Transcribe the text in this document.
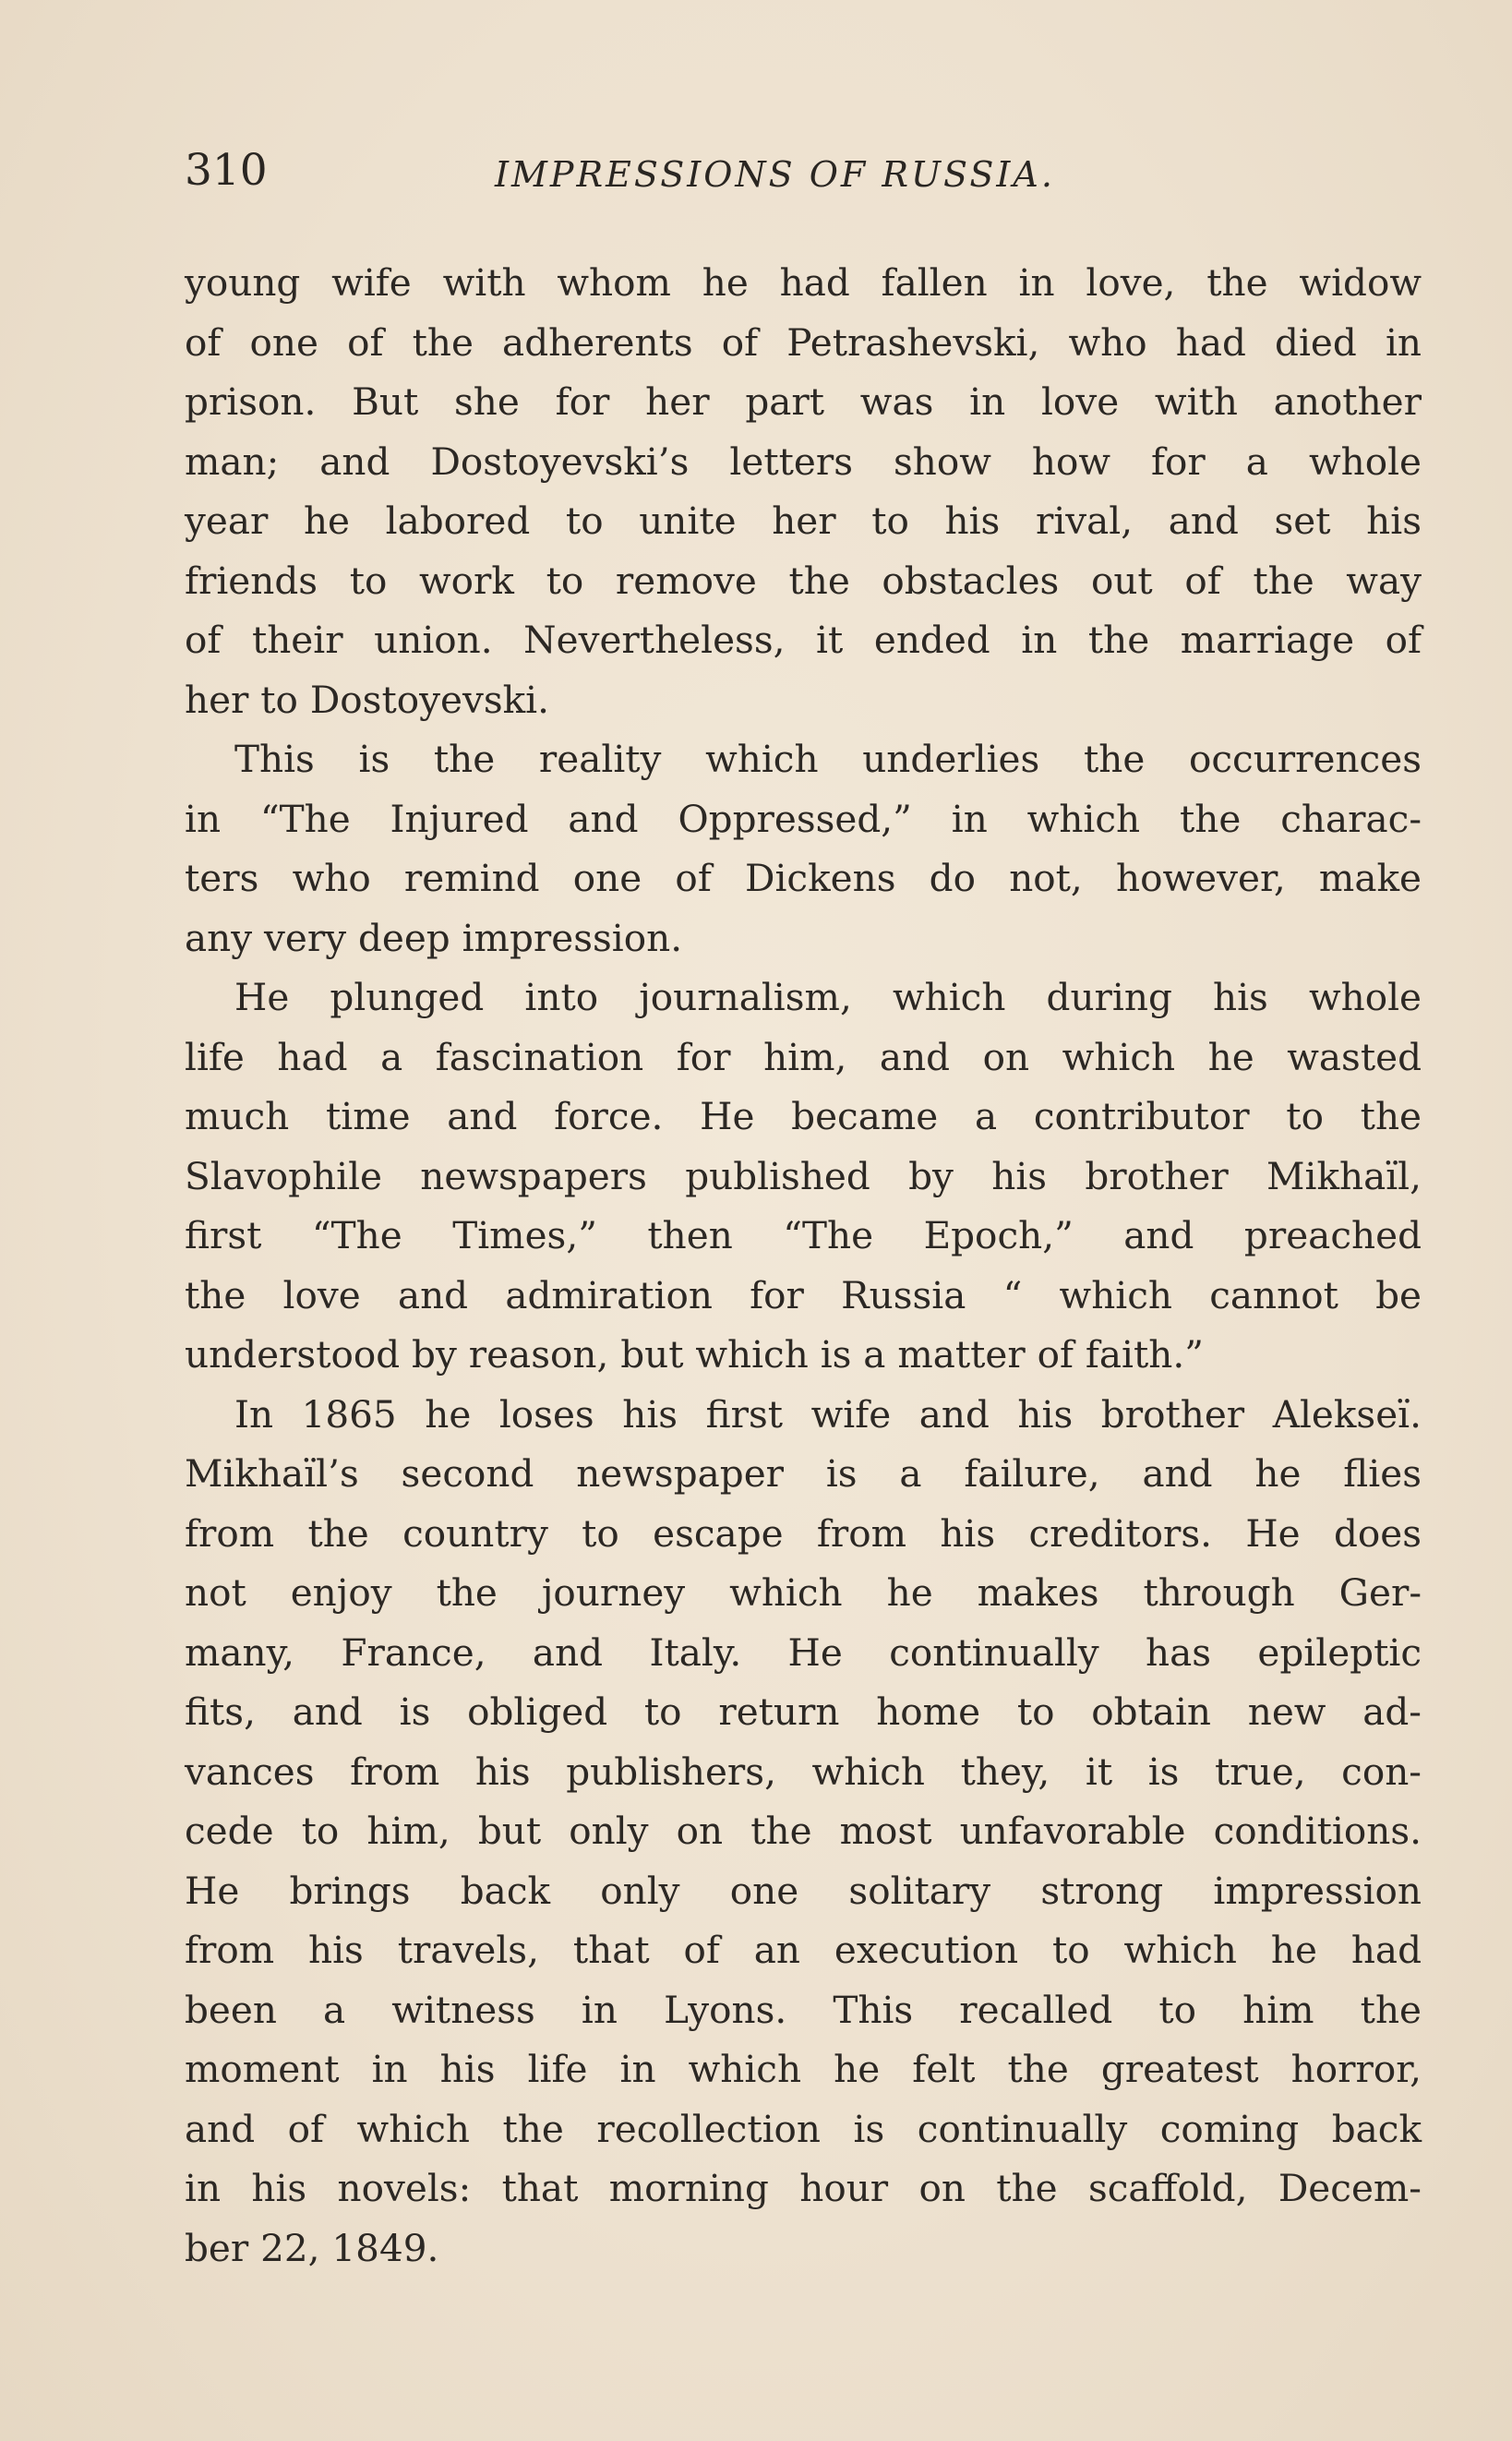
310	IMPRESSIONS OF RUSSIA.
young wife with whom he had fallen in love, the widow
of one of the adherents of Petrashevski, who had died in
prison. But she for her part was in love with another
man; and Dostoyevski’s letters show how for a whole
year he labored to unite her to his rival, and set his
friends to work to remove the obstacles out of the way
of their union. Nevertheless, it ended in the marriage of
her to Dostoyevski.
This is the reality which underlies the occurrences
in “The Injured and Oppressed,” in which the charac-
ters who remind one of Dickens do not, however, make
any very deep impression.
He plunged into journalism, which during his whole
life had a fascination for him, and on which he wasted
much time and force. He became a contributor to the
Slavophile newspapers published by his brother Mikhaïl,
first “The Times,” then “The Epoch,” and preached
the love and admiration for Russia “ which cannot be
understood by reason, but which is a matter of faith.”
In 1865 he loses his first wife and his brother Alekseï.
Mikhaïl’s second newspaper is a failure, and he flies
from the country to escape from his creditors. He does
not enjoy the journey which he makes through Ger-
many, France, and Italy. He continually has epileptic
fits, and is obliged to return home to obtain new ad-
vances from his publishers, which they, it is true, con-
cede to him, but only on the most unfavorable conditions.
He brings back only one solitary strong impression
from his travels, that of an execution to which he had
been a witness in Lyons. This recalled to him the
moment in his life in which he felt the greatest horror,
and of which the recollection is continually coming back
in his novels: that morning hour on the scaffold, Decem-
ber 22, 1849.
